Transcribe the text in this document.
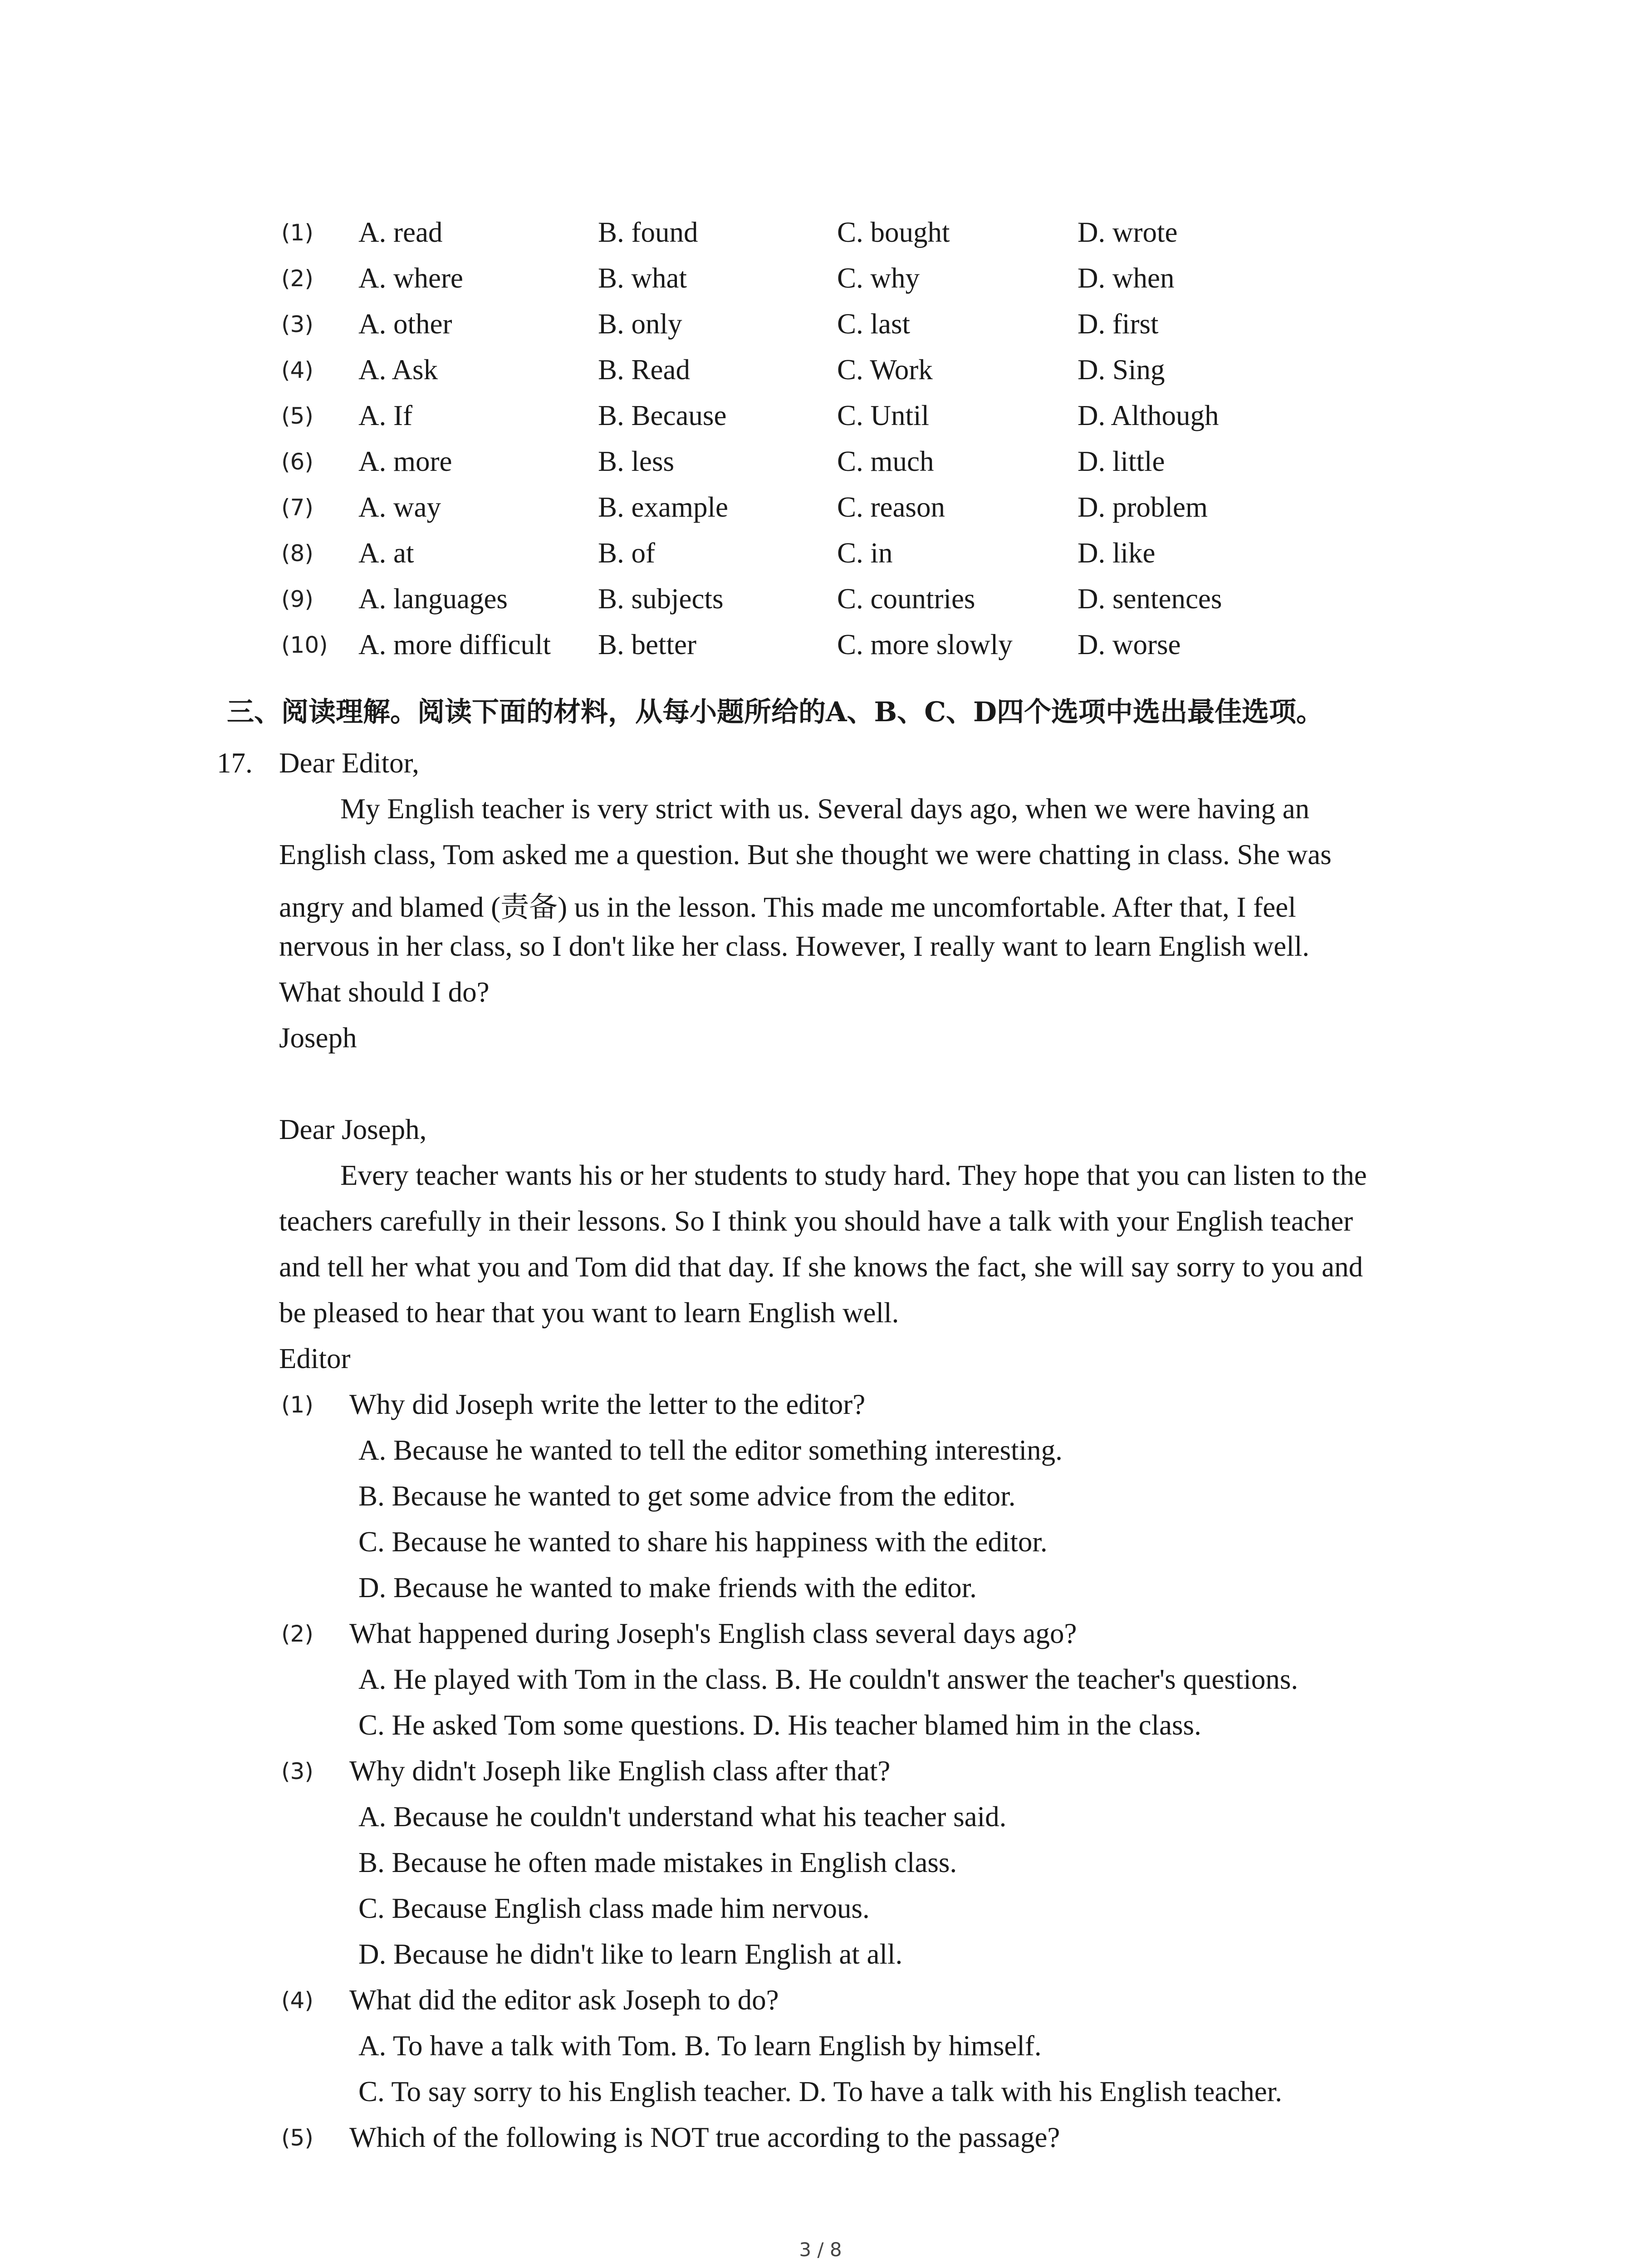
(1) A. read	B. found	C. bought	D. wrote
(2) A. where	B. what	C. why	D. when
(3) A. other	B. only	C. last	D. first
(4) A. Ask	B. Read	C. Work	D. Sing
(5) A. If	B. Because	C. Until	D. Although
(6) A. more	B. less	C. much	D. little
(7) A. way	B. example	C. reason	D. problem
(8) A. at	B. of	C. in	D. like
(9) A. languages	B. subjects	C. countries	D. sentences
(10) A. more difficult B. better	C. more slowly D. worse
三、阅读理解。阅读下面的材料，从每小题所给的A、B、C、D四个选项中选出最佳选项。
17. Dear Editor,
My English teacher is very strict with us. Several days ago, when we were having an
English class, Tom asked me a question. But she thought we were chatting in class. She was
angry and blamed (责备) us in the lesson. This made me uncomfortable. After that, I feel
nervous in her class, so I don't like her class. However, I really want to learn English well.
What should I do?
Joseph
Dear Joseph,
Every teacher wants his or her students to study hard. They hope that you can listen to the
teachers carefully in their lessons. So I think you should have a talk with your English teacher
and tell her what you and Tom did that day. If she knows the fact, she will say sorry to you and
be pleased to hear that you want to learn English well.
Editor
(1) Why did Joseph write the letter to the editor?
A. Because he wanted to tell the editor something interesting.
B. Because he wanted to get some advice from the editor.
C. Because he wanted to share his happiness with the editor.
D. Because he wanted to make friends with the editor.
(2) What happened during Joseph's English class several days ago?
A. He played with Tom in the class. B. He couldn't answer the teacher's questions.
C. He asked Tom some questions. D. His teacher blamed him in the class.
(3) Why didn't Joseph like English class after that?
A. Because he couldn't understand what his teacher said.
B. Because he often made mistakes in English class.
C. Because English class made him nervous.
D. Because he didn't like to learn English at all.
(4) What did the editor ask Joseph to do?
A. To have a talk with Tom. B. To learn English by himself.
C. To say sorry to his English teacher. D. To have a talk with his English teacher.
(5) Which of the following is NOT true according to the passage?
3 / 8
